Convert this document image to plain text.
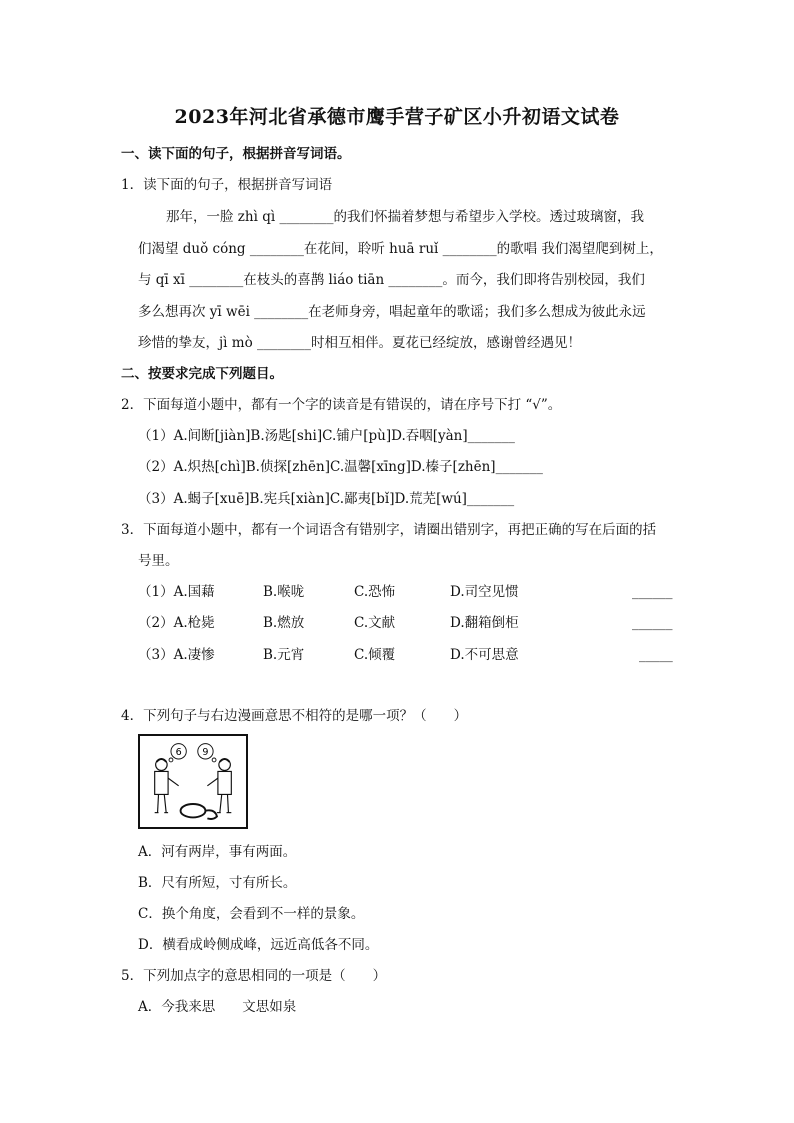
2023年河北省承德市鹰手营子矿区小升初语文试卷
一、读下面的句子，根据拼音写词语。
1．读下面的句子，根据拼音写词语
那年，一脸 zhì qì ________的我们怀揣着梦想与希望步入学校。透过玻璃窗，我
们渴望 duǒ cóng ________在花间，聆听 huā ruǐ ________的歌唱 我们渴望爬到树上，
与 qī xī ________在枝头的喜鹊 liáo tiān ________。而今，我们即将告别校园，我们
多么想再次 yī wēi ________在老师身旁，唱起童年的歌谣；我们多么想成为彼此永远
珍惜的挚友，jì mò ________时相互相伴。夏花已经绽放，感谢曾经遇见！
二、按要求完成下列题目。
2．下面每道小题中，都有一个字的读音是有错误的，请在序号下打 “√”。
（1）A.间断[jiàn]B.汤匙[shi]C.铺户[pù]D.吞咽[yàn]_______
（2）A.炽热[chì]B.侦探[zhēn]C.温馨[xīng]D.榛子[zhēn]_______
（3）A.蝎子[xuē]B.宪兵[xiàn]C.鄙夷[bǐ]D.荒芜[wú]_______
3．下面每道小题中，都有一个词语含有错别字，请圈出错别字，再把正确的写在后面的括
号里。
（1）A.国藉	B.喉咙	C.恐怖	D.司空见惯	______
（2）A.枪毙	B.燃放	C.文献	D.翻箱倒柜	______
（3）A.凄惨	B.元宵	C.倾覆	D.不可思意	_____
4．下列句子与右边漫画意思不相符的是哪一项？（　　）
6 9
A．河有两岸，事有两面。
B．尺有所短，寸有所长。
C．换个角度，会看到不一样的景象。
D．横看成岭侧成峰，远近高低各不同。
5．下列加点字的意思相同的一项是（　　）
A．今我来思　　文思如泉
